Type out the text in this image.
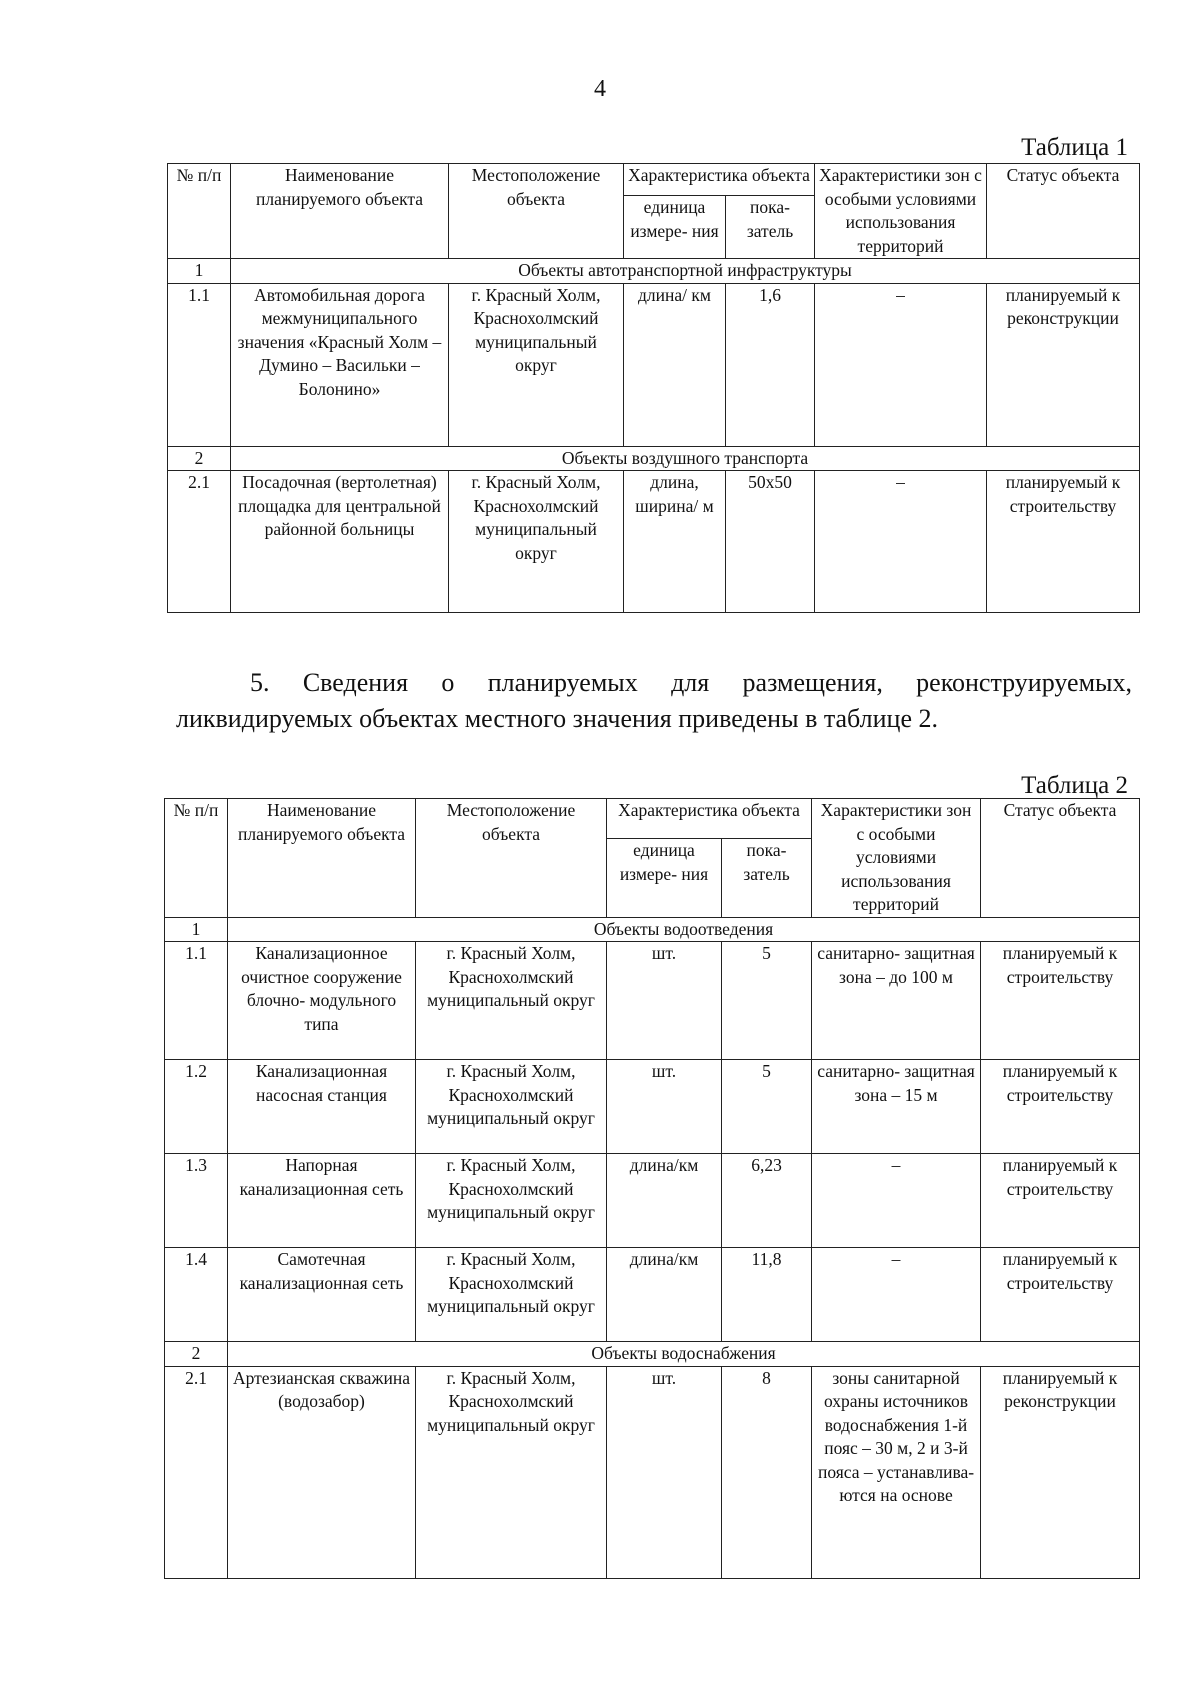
4
Таблица 1
№ п/п	Наименование планируемого объекта	Местоположение объекта	Характеристика объекта		Характеристики зон с особыми условиями использования территорий	Статус объекта
			единица измере- ния	пока- затель		
1	Объекты автотранспортной инфраструктуры					
1.1	Автомобильная дорога межмуниципального значения «Красный Холм – Думино – Васильки – Болонино»	г. Красный Холм, Краснохолмский муниципальный округ	длина/ км	1,6	–	планируемый к реконструкции
2	Объекты воздушного транспорта					
2.1	Посадочная (вертолетная) площадка для центральной районной больницы	г. Красный Холм, Краснохолмский муниципальный округ	длина, ширина/ м	50х50	–	планируемый к строительству
5. Сведения о планируемых для размещения, реконструируемых, ликвидируемых объектах местного значения приведены в таблице 2.
Таблица 2
№ п/п	Наименование планируемого объекта	Местоположение объекта	Характеристика объекта		Характеристики зон с особыми условиями использования территорий	Статус объекта
			единица измере- ния	пока- затель		
1	Объекты водоотведения					
1.1	Канализационное очистное сооружение блочно- модульного типа	г. Красный Холм, Краснохолмский муниципальный округ	шт.	5	санитарно- защитная зона – до 100 м	планируемый к строительству
1.2	Канализационная насосная станция	г. Красный Холм, Краснохолмский муниципальный округ	шт.	5	санитарно- защитная зона – 15 м	планируемый к строительству
1.3	Напорная канализационная сеть	г. Красный Холм, Краснохолмский муниципальный округ	длина/км	6,23	–	планируемый к строительству
1.4	Самотечная канализационная сеть	г. Красный Холм, Краснохолмский муниципальный округ	длина/км	11,8	–	планируемый к строительству
2	Объекты водоснабжения					
2.1	Артезианская скважина (водозабор)	г. Красный Холм, Краснохолмский муниципальный округ	шт.	8	зоны санитарной охраны источников водоснабжения 1-й пояс – 30 м, 2 и 3-й пояса – устанавлива- ются на основе	планируемый к реконструкции
